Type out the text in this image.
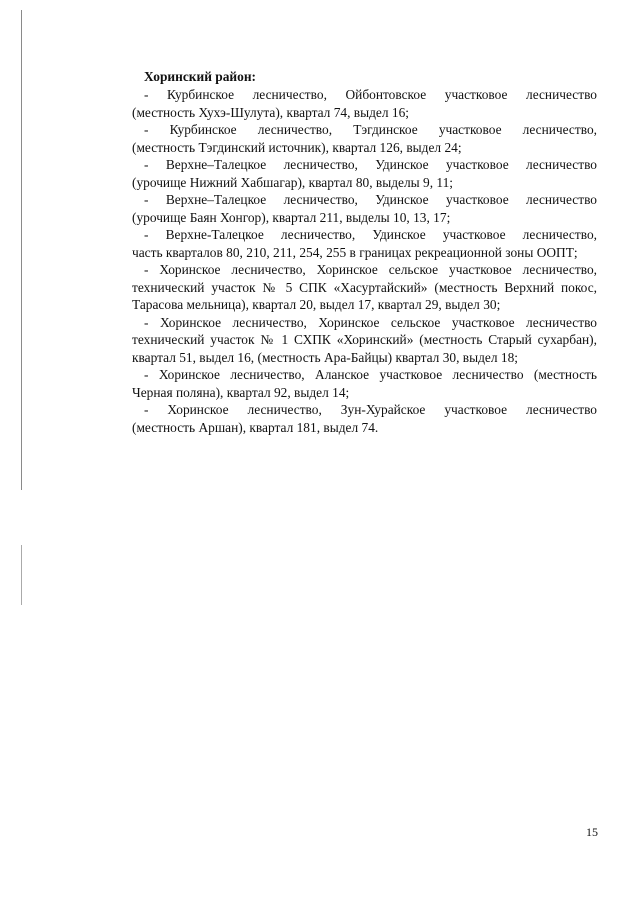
Хоринский район:

- Курбинское лесничество, Ойбонтовское участковое лесничество
(местность Хухэ-Шулута), квартал 74, выдел 16;

- Курбинское лесничество, Тэгдинское участковое лесничество,
(местность Тэгдинский источник), квартал 126, выдел 24;

- Верхне–Талецкое лесничество, Удинское участковое лесничество
(урочище Нижний Хабшагар), квартал 80, выделы 9, 11;

- Верхне–Талецкое лесничество, Удинское участковое лесничество
(урочище Баян Хонгор), квартал 211, выделы 10, 13, 17;

- Верхне-Талецкое лесничество, Удинское участковое лесничество,
часть кварталов 80, 210, 211, 254, 255 в границах рекреационной зоны ООПТ;

- Хоринское лесничество, Хоринское сельское участковое лесничество,
технический участок № 5 СПК «Хасуртайский» (местность Верхний покос, Тарасова мельница), квартал 20, выдел 17, квартал 29, выдел 30;

- Хоринское лесничество, Хоринское сельское участковое лесничество
технический участок № 1 СХПК «Хоринский» (местность Старый сухарбан), квартал 51, выдел 16, (местность Ара-Байцы) квартал 30, выдел 18;

- Хоринское лесничество, Аланское участковое лесничество (местность
Черная поляна), квартал 92, выдел 14;

- Хоринское лесничество, Зун-Хурайское участковое лесничество
(местность Аршан), квартал 181, выдел 74.

15
